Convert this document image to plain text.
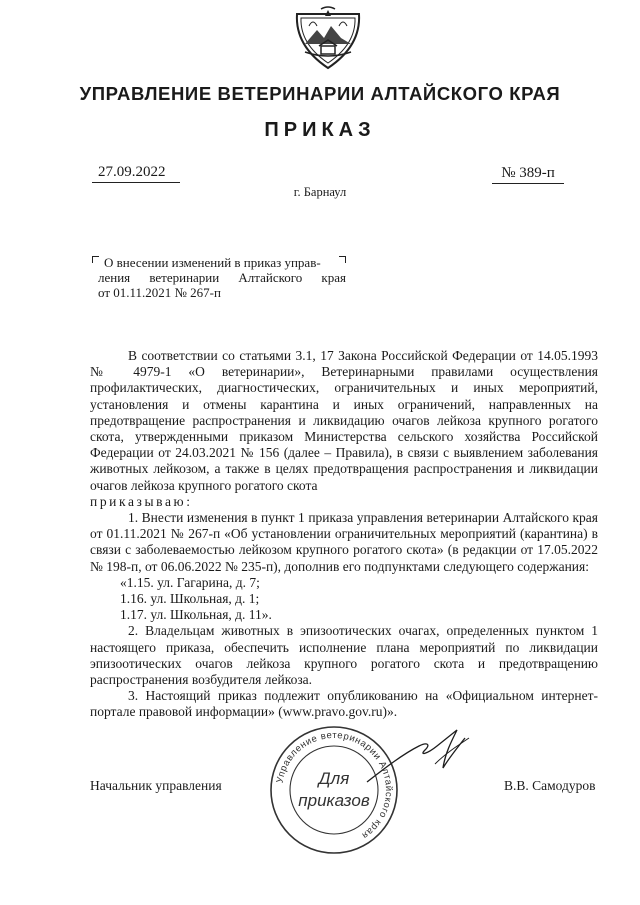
УПРАВЛЕНИЕ ВЕТЕРИНАРИИ АЛТАЙСКОГО КРАЯ
ПРИКАЗ
27.09.2022	№ 389-п
г. Барнаул
О внесении изменений в приказ управ-
ления ветеринарии Алтайского края
от 01.11.2021 № 267-п

В соответствии со статьями 3.1, 17 Закона Российской Федерации от 14.05.1993 № 4979-1 «О ветеринарии», Ветеринарными правилами осуществления профилактических, диагностических, ограничительных и иных мероприятий, установления и отмены карантина и иных ограничений, направленных на предотвращение распространения и ликвидацию очагов лейкоза крупного рогатого скота, утвержденными приказом Министерства сельского хозяйства Российской Федерации от 24.03.2021 № 156 (далее – Правила), в связи с выявлением заболевания животных лейкозом, а также в целях предотвращения распространения и ликвидации очагов лейкоза крупного рогатого скота

приказываю:

1. Внести изменения в пункт 1 приказа управления ветеринарии Алтайского края от 01.11.2021 № 267-п «Об установлении ограничительных мероприятий (карантина) в связи с заболеваемостью лейкозом крупного рогатого скота» (в редакции от 17.05.2022 № 198-п, от 06.06.2022 № 235-п), дополнив его подпунктами следующего содержания:

«1.15. ул. Гагарина, д. 7;

1.16. ул. Школьная, д. 1;

1.17. ул. Школьная, д. 11».

2. Владельцам животных в эпизоотических очагах, определенных пунктом 1 настоящего приказа, обеспечить исполнение плана мероприятий по ликвидации эпизоотических очагов лейкоза крупного рогатого скота и предотвращению распространения возбудителя лейкоза.

3. Настоящий приказ подлежит опубликованию на «Официальном интернет-портале правовой информации» (www.pravo.gov.ru)».

Начальник управления	В.В. Самодуров
Управление ветеринарии Алтайского края
Для
приказов
